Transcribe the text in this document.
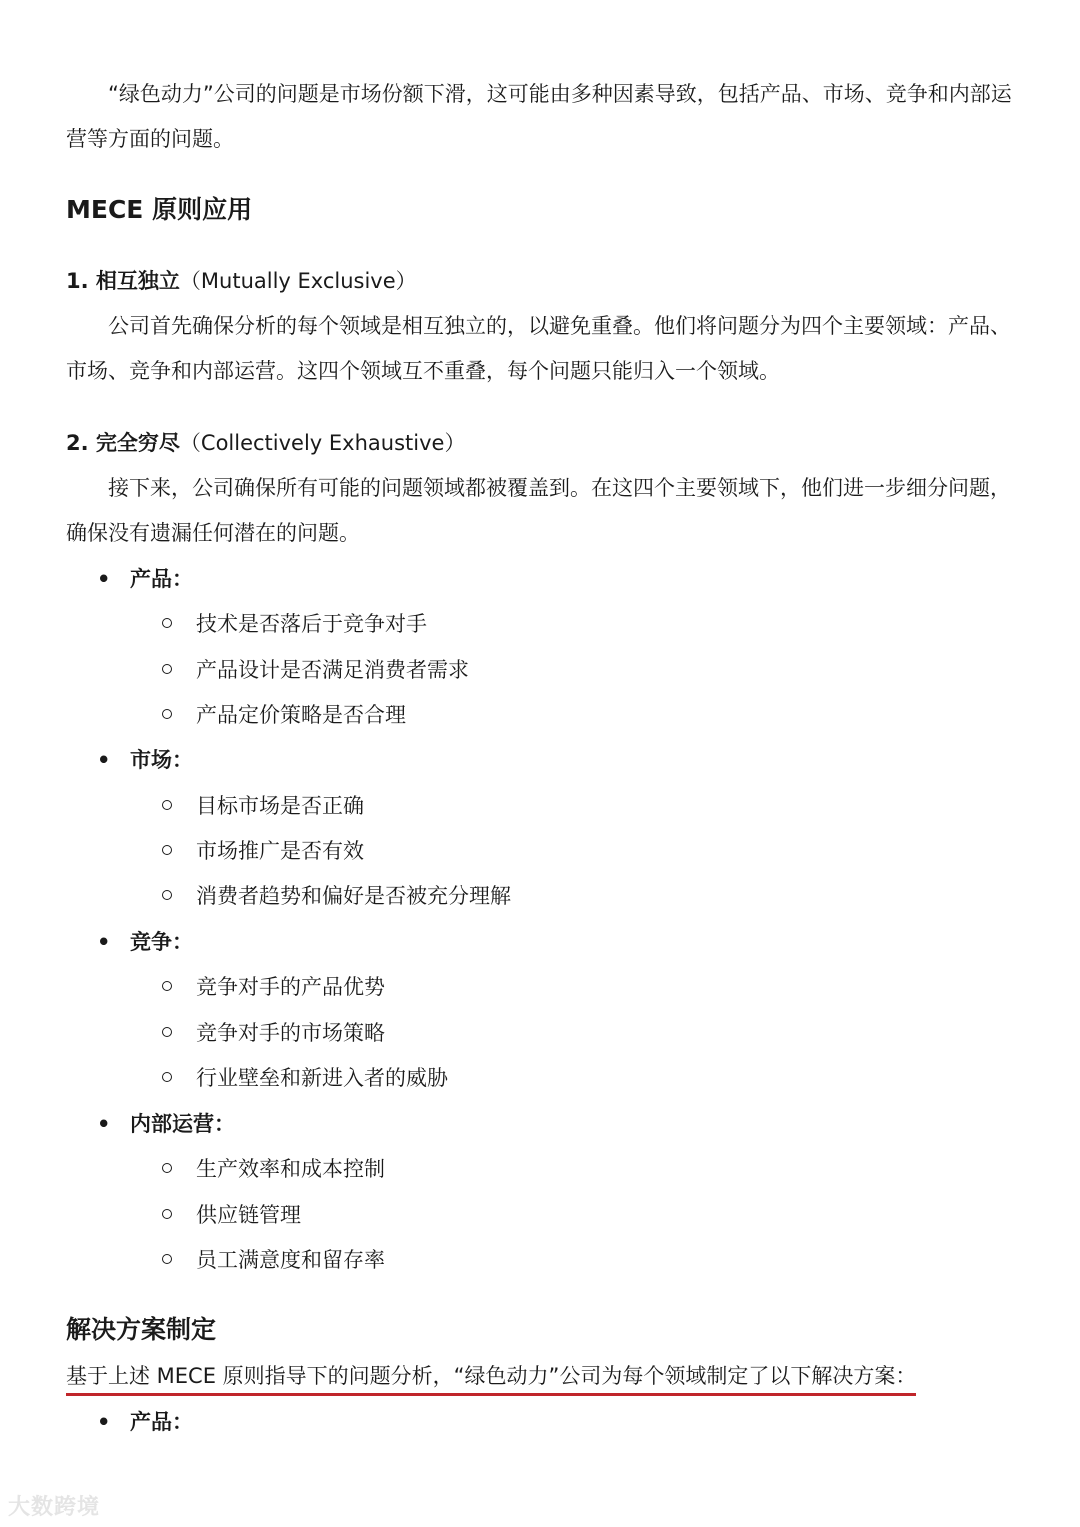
“绿色动力”公司的问题是市场份额下滑，这可能由多种因素导致，包括产品、市场、竞争和内部运营等方面的问题。

MECE 原则应用
1. 相互独立（Mutually Exclusive）

公司首先确保分析的每个领域是相互独立的，以避免重叠。他们将问题分为四个主要领域：产品、市场、竞争和内部运营。这四个领域互不重叠，每个问题只能归入一个领域。

2. 完全穷尽（Collectively Exhaustive）

接下来，公司确保所有可能的问题领域都被覆盖到。在这四个主要领域下，他们进一步细分问题，确保没有遗漏任何潜在的问题。

• 产品：

技术是否落后于竞争对手

产品设计是否满足消费者需求

产品定价策略是否合理

• 市场：

目标市场是否正确

市场推广是否有效

消费者趋势和偏好是否被充分理解

• 竞争：

竞争对手的产品优势

竞争对手的市场策略

行业壁垒和新进入者的威胁

• 内部运营：

生产效率和成本控制

供应链管理

员工满意度和留存率

解决方案制定

基于上述 MECE 原则指导下的问题分析，“绿色动力”公司为每个领域制定了以下解决方案：

• 产品：

大数跨境
